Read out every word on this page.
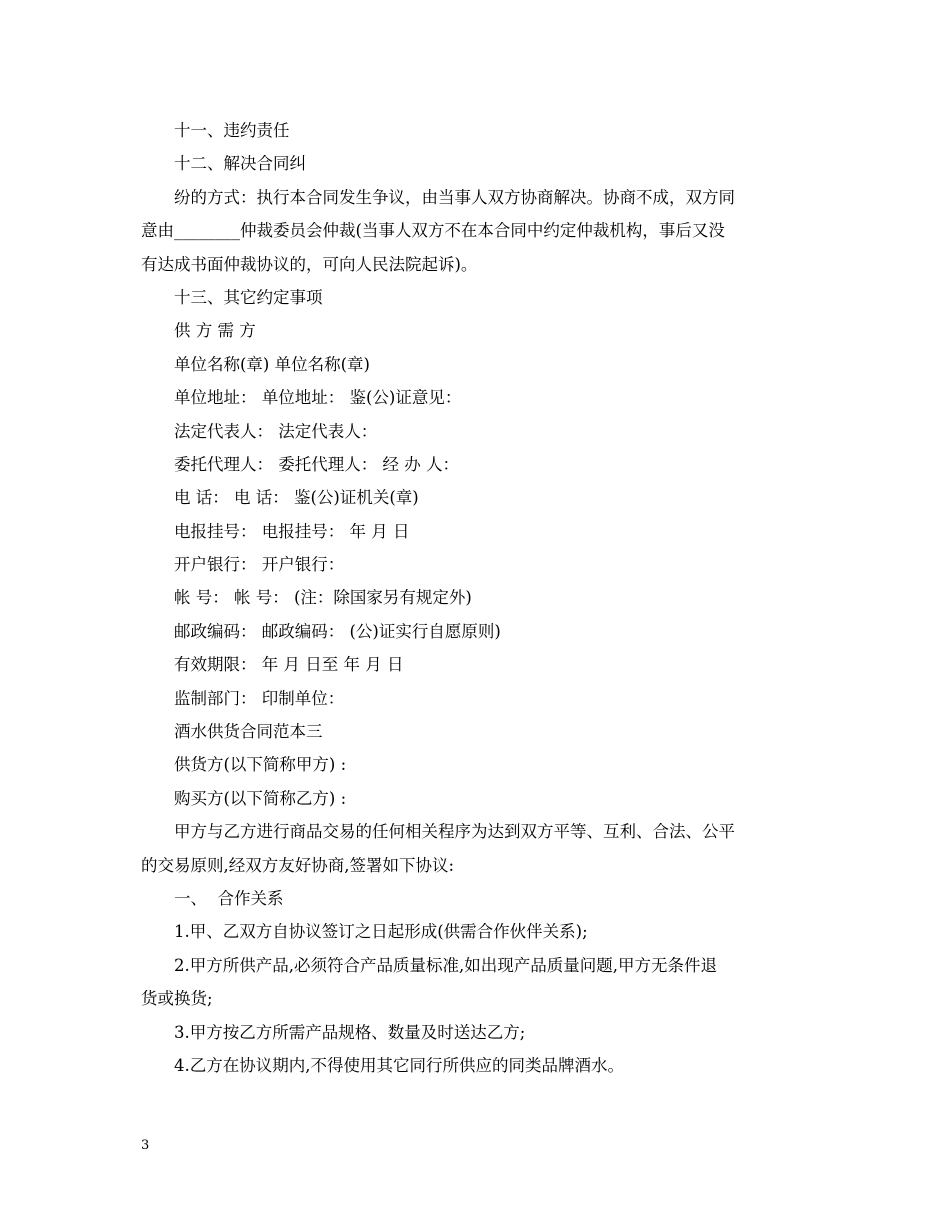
十一、违约责任
十二、解决合同纠
纷的方式：执行本合同发生争议，由当事人双方协商解决。协商不成，双方同
意由________仲裁委员会仲裁(当事人双方不在本合同中约定仲裁机构，事后又没
有达成书面仲裁协议的，可向人民法院起诉)。
十三、其它约定事项
供 方 需 方
单位名称(章) 单位名称(章)
单位地址： 单位地址： 鉴(公)证意见：
法定代表人： 法定代表人：
委托代理人： 委托代理人： 经 办 人：
电 话： 电 话： 鉴(公)证机关(章)
电报挂号： 电报挂号： 年 月 日
开户银行： 开户银行：
帐 号： 帐 号： (注：除国家另有规定外)
邮政编码： 邮政编码： (公)证实行自愿原则)
有效期限： 年 月 日至 年 月 日
监制部门： 印制单位：
酒水供货合同范本三
供货方(以下简称甲方) :
购买方(以下简称乙方) :
甲方与乙方进行商品交易的任何相关程序为达到双方平等、互利、合法、公平
的交易原则,经双方友好协商,签署如下协议:
一、  合作关系
1.甲、乙双方自协议签订之日起形成(供需合作伙伴关系);
2.甲方所供产品,必须符合产品质量标准,如出现产品质量问题,甲方无条件退
货或换货;
3.甲方按乙方所需产品规格、数量及时送达乙方;
4.乙方在协议期内,不得使用其它同行所供应的同类品牌酒水。
3
